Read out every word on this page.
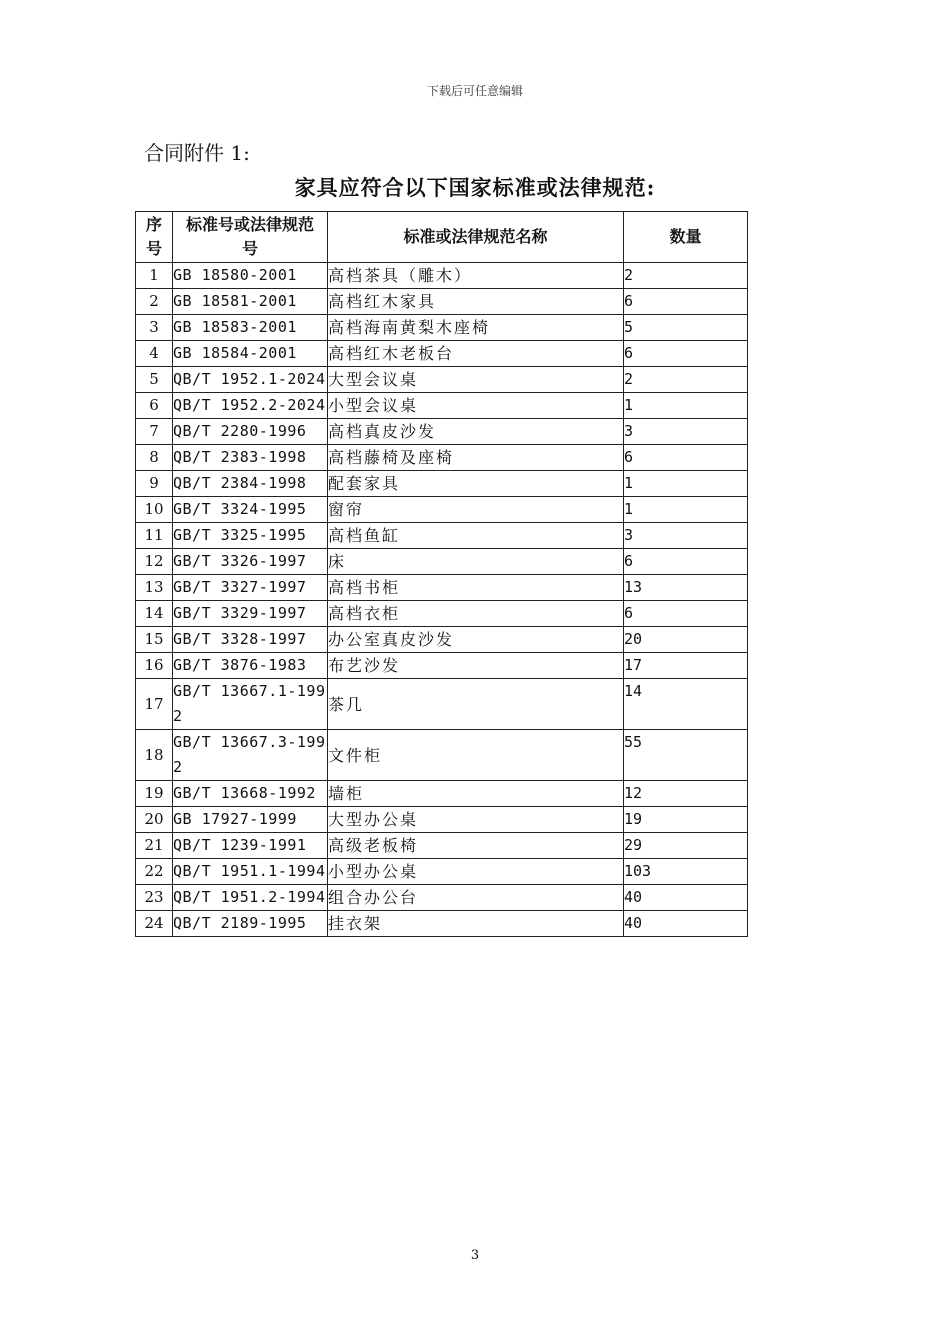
下载后可任意编辑
合同附件 1:
家具应符合以下国家标准或法律规范:
序号	标准号或法律规范号	标准或法律规范名称	数量
1	GB 18580-2001	高档茶具（雕木）	2
2	GB 18581-2001	高档红木家具	6
3	GB 18583-2001	高档海南黄梨木座椅	5
4	GB 18584-2001	高档红木老板台	6
5	QB/T 1952.1-2024	大型会议桌	2
6	QB/T 1952.2-2024	小型会议桌	1
7	QB/T 2280-1996	高档真皮沙发	3
8	QB/T 2383-1998	高档藤椅及座椅	6
9	QB/T 2384-1998	配套家具	1
10	GB/T 3324-1995	窗帘	1
11	GB/T 3325-1995	高档鱼缸	3
12	GB/T 3326-1997	床	6
13	GB/T 3327-1997	高档书柜	13
14	GB/T 3329-1997	高档衣柜	6
15	GB/T 3328-1997	办公室真皮沙发	20
16	GB/T 3876-1983	布艺沙发	17
17	GB/T 13667.1-1992	茶几	14
18	GB/T 13667.3-1992	文件柜	55
19	GB/T 13668-1992	墙柜	12
20	GB 17927-1999	大型办公桌	19
21	QB/T 1239-1991	高级老板椅	29
22	QB/T 1951.1-1994	小型办公桌	103
23	QB/T 1951.2-1994	组合办公台	40
24	QB/T 2189-1995	挂衣架	40
3
